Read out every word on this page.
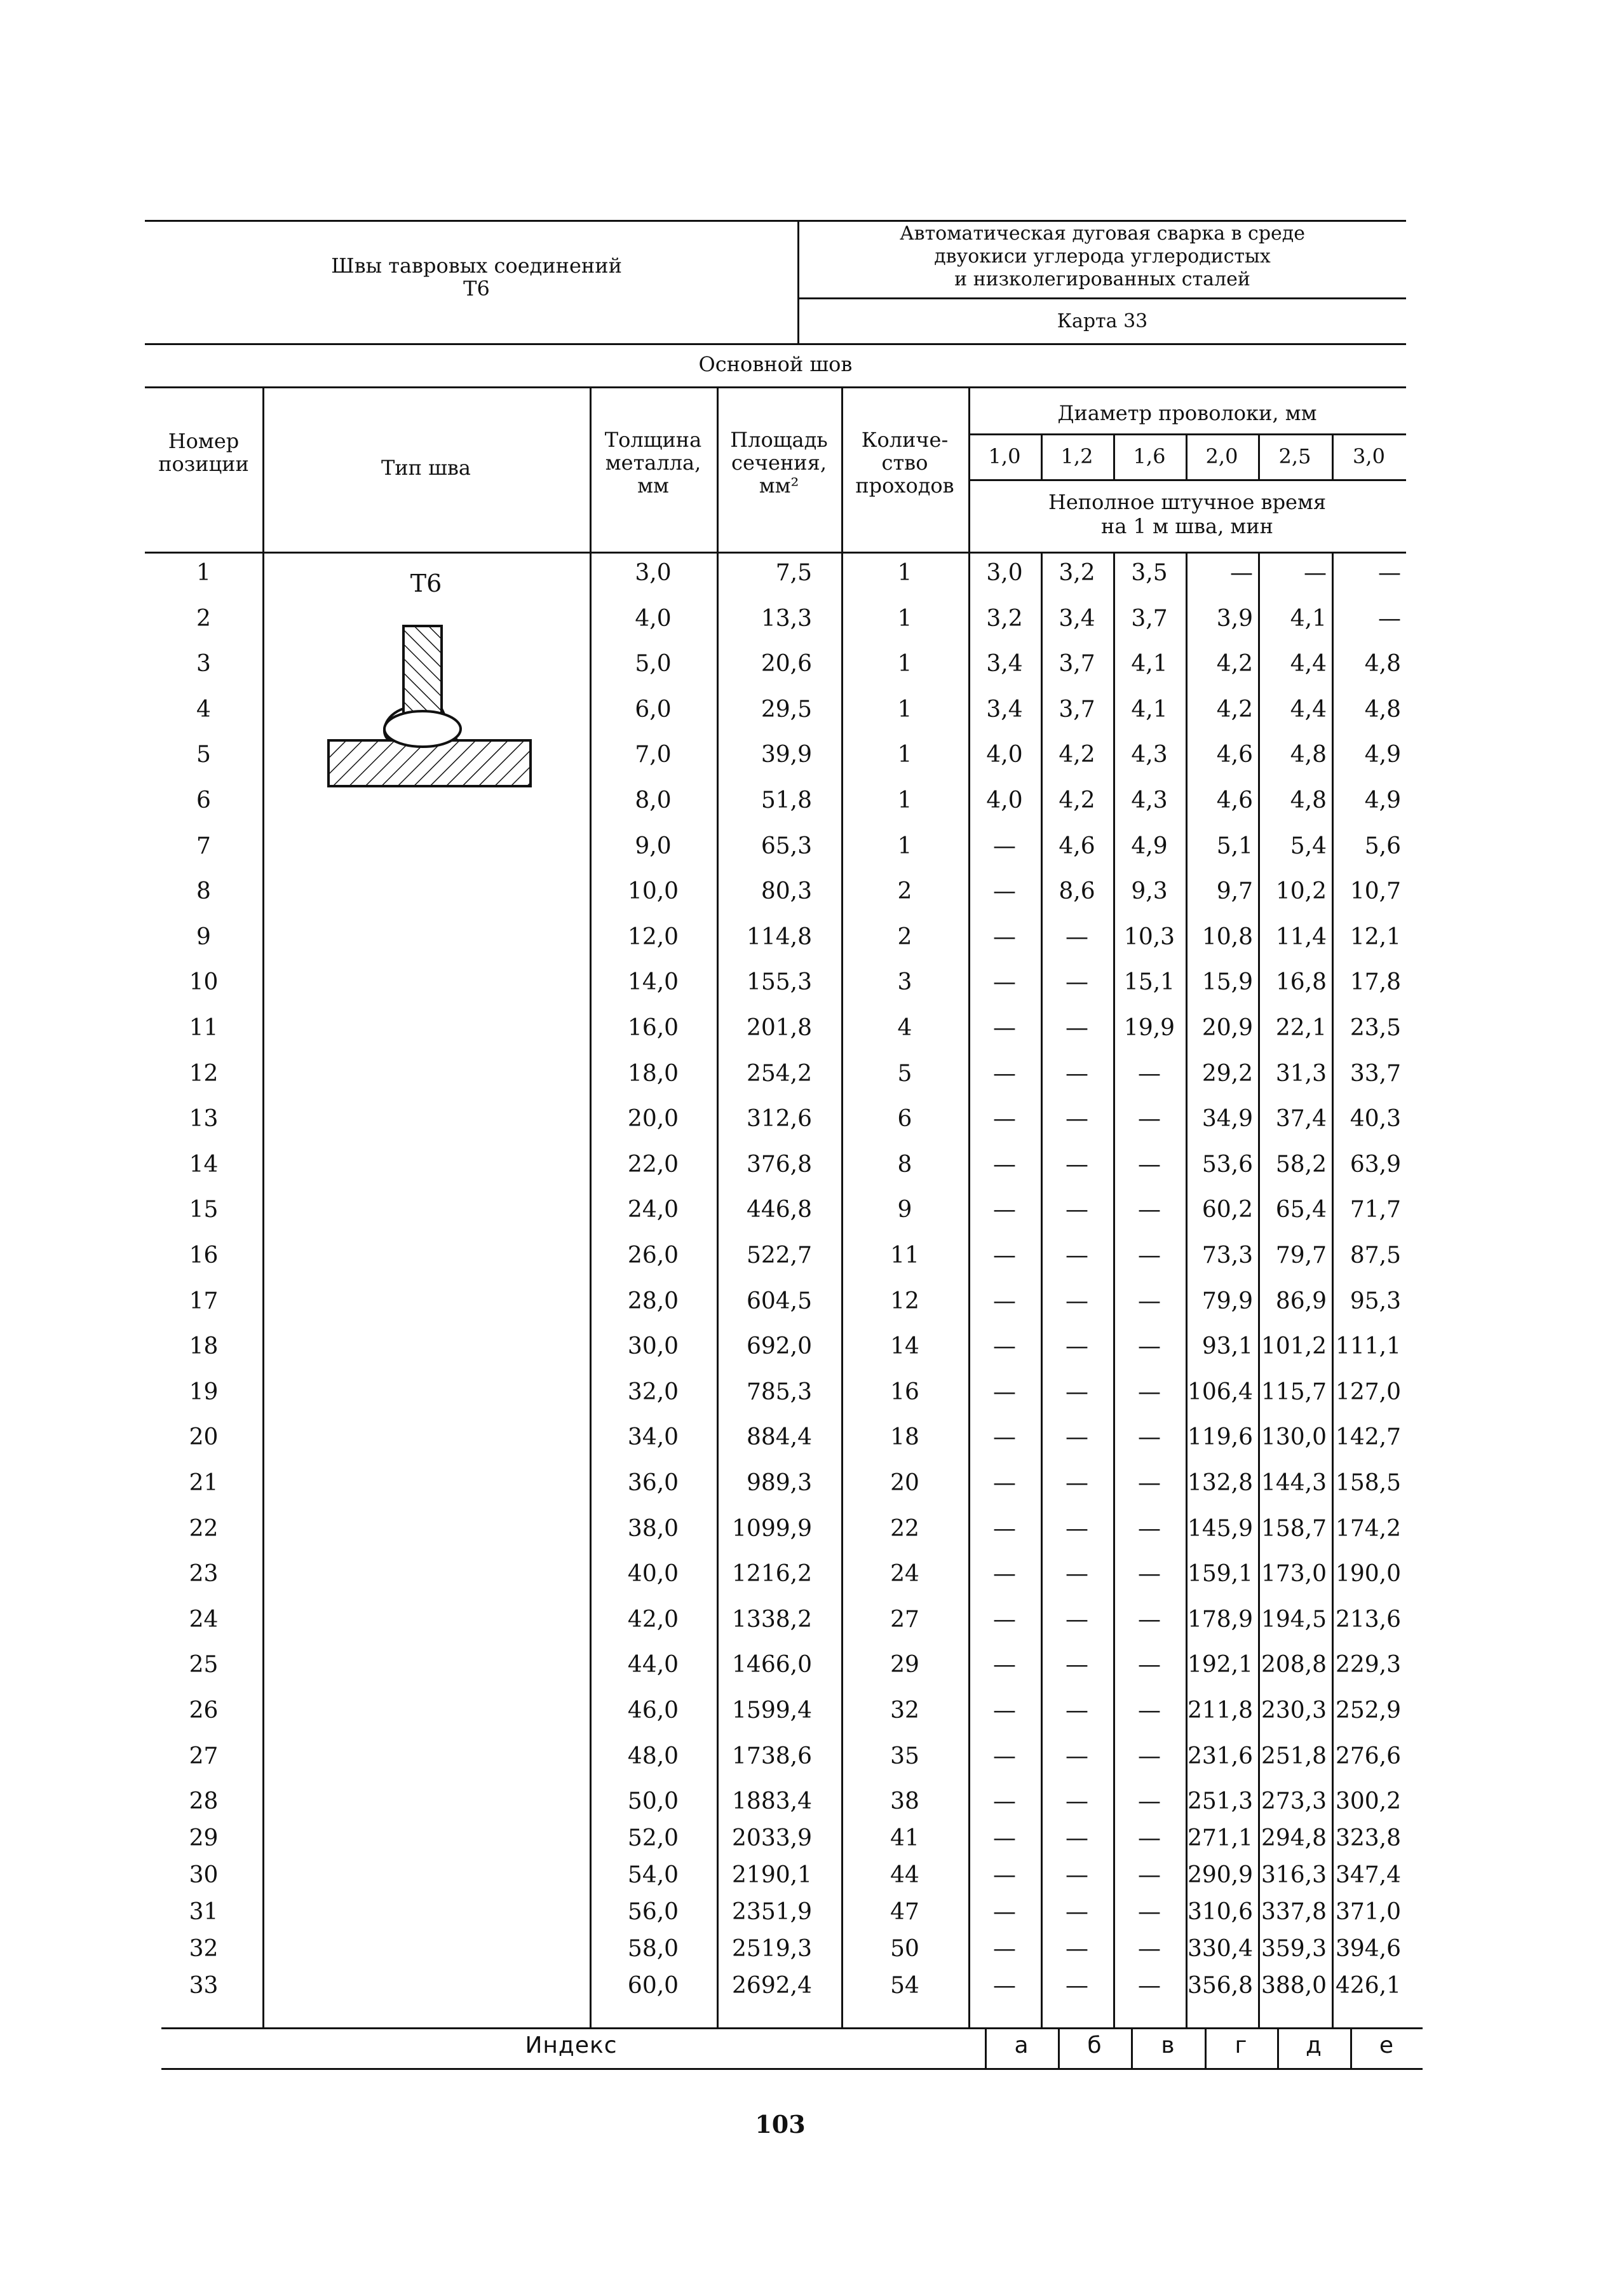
Швы тавровых соединений
Т6
Автоматическая дуговая сварка в среде
двуокиси углерода углеродистых
и низколегированных сталей
Карта 33
Основной шов
Номер
позиции	Тип шва
Толщина
металла,
мм
Площадь
сечения,
мм²
Количе-
ство
проходов
Диаметр проволоки, мм
1,0	1,2	1,6	2,0	2,5	3,0
Неполное штучное время
на 1 м шва, мин
Т6
1	3,0	7,5	1	3,0	3,2	3,5	—	—	—
2	4,0	13,3	1	3,2	3,4	3,7	3,9	4,1	—
3	5,0	20,6	1	3,4	3,7	4,1	4,2	4,4	4,8
4	6,0	29,5	1	3,4	3,7	4,1	4,2	4,4	4,8
5	7,0	39,9	1	4,0	4,2	4,3	4,6	4,8	4,9
6	8,0	51,8	1	4,0	4,2	4,3	4,6	4,8	4,9
7	9,0	65,3	1	—	4,6	4,9	5,1	5,4	5,6
8	10,0	80,3	2	—	8,6	9,3	9,7 10,2	10,7
9	12,0	114,8	2	—	—	10,3	10,8 11,4	12,1
10	14,0	155,3	3	—	—	15,1	15,9 16,8	17,8
11	16,0	201,8	4	—	—	19,9	20,9 22,1	23,5
12	18,0	254,2	5	—	—	—	29,2 31,3	33,7
13	20,0	312,6	6	—	—	—	34,9 37,4	40,3
14	22,0	376,8	8	—	—	—	53,6 58,2	63,9
15	24,0	446,8	9	—	—	—	60,2 65,4	71,7
16	26,0	522,7	11	—	—	—	73,3 79,7	87,5
17	28,0	604,5	12	—	—	—	79,9 86,9	95,3
18	30,0	692,0	14	—	—	—	93,1 101,2 111,1
19	32,0	785,3	16	—	—	—	106,4 115,7 127,0
20	34,0	884,4	18	—	—	—	119,6 130,0 142,7
21	36,0	989,3	20	—	—	—	132,8 144,3 158,5
22	38,0	1099,9	22	—	—	—	145,9 158,7 174,2
23	40,0	1216,2	24	—	—	—	159,1 173,0 190,0
24	42,0	1338,2	27	—	—	—	178,9 194,5 213,6
25	44,0	1466,0	29	—	—	—	192,1 208,8 229,3
26	46,0	1599,4	32	—	—	—	211,8 230,3 252,9
27	48,0	1738,6	35	—	—	—	231,6 251,8 276,6
28	50,0	1883,4	38	—	—	—	251,3 273,3 300,2
29	52,0	2033,9	41	—	—	—	271,1 294,8 323,8
30	54,0	2190,1	44	—	—	—	290,9 316,3 347,4
31	56,0	2351,9	47	—	—	—	310,6 337,8 371,0
32	58,0	2519,3	50	—	—	—	330,4 359,3 394,6
33	60,0	2692,4	54	—	—	—	356,8 388,0 426,1
Индекс	а	б	в	г	д	е
103
